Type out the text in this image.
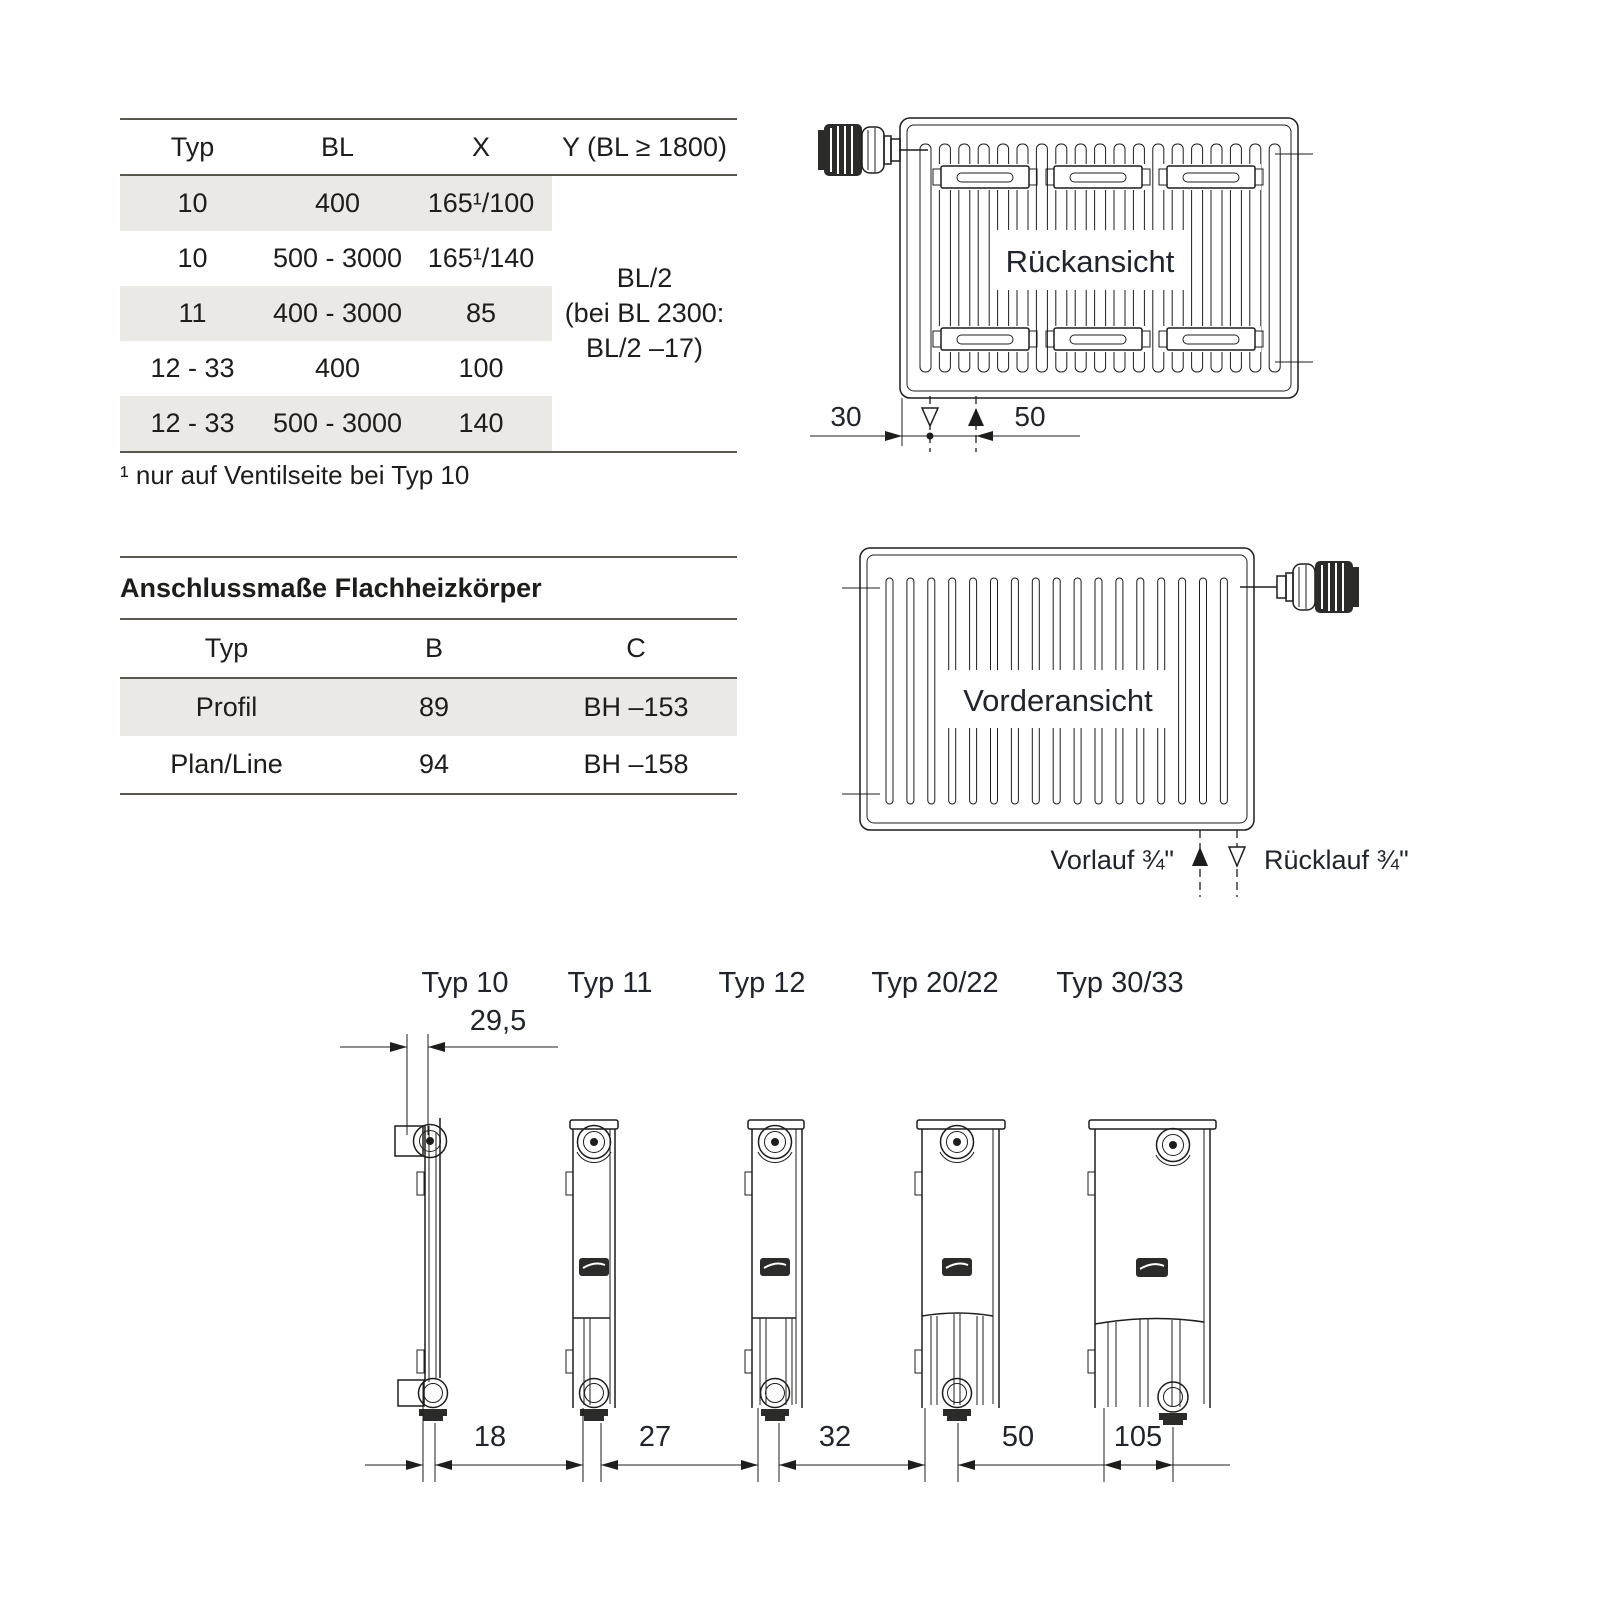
Typ	BL	X	Y (BL ≥ 1800)
10	400	165¹/100	BL/2
(bei BL 2300:
BL/2 –17)

10	500 - 3000	165¹/140	
11	400 - 3000	85	
12 - 33	400	100	
12 - 33	500 - 3000	140	
¹ nur auf Ventilseite bei Typ 10
Anschlussmaße Flachheizkörper
Typ	B	C
Profil	89	BH –153
Plan/Line	94	BH –158
Rückansicht
30	50
Vorderansicht
Vorlauf ¾"	Rücklauf ¾"
Typ 10 Typ 11 Typ 12 Typ 20/22 Typ 30/33
29,5
18	27	32	50	105
